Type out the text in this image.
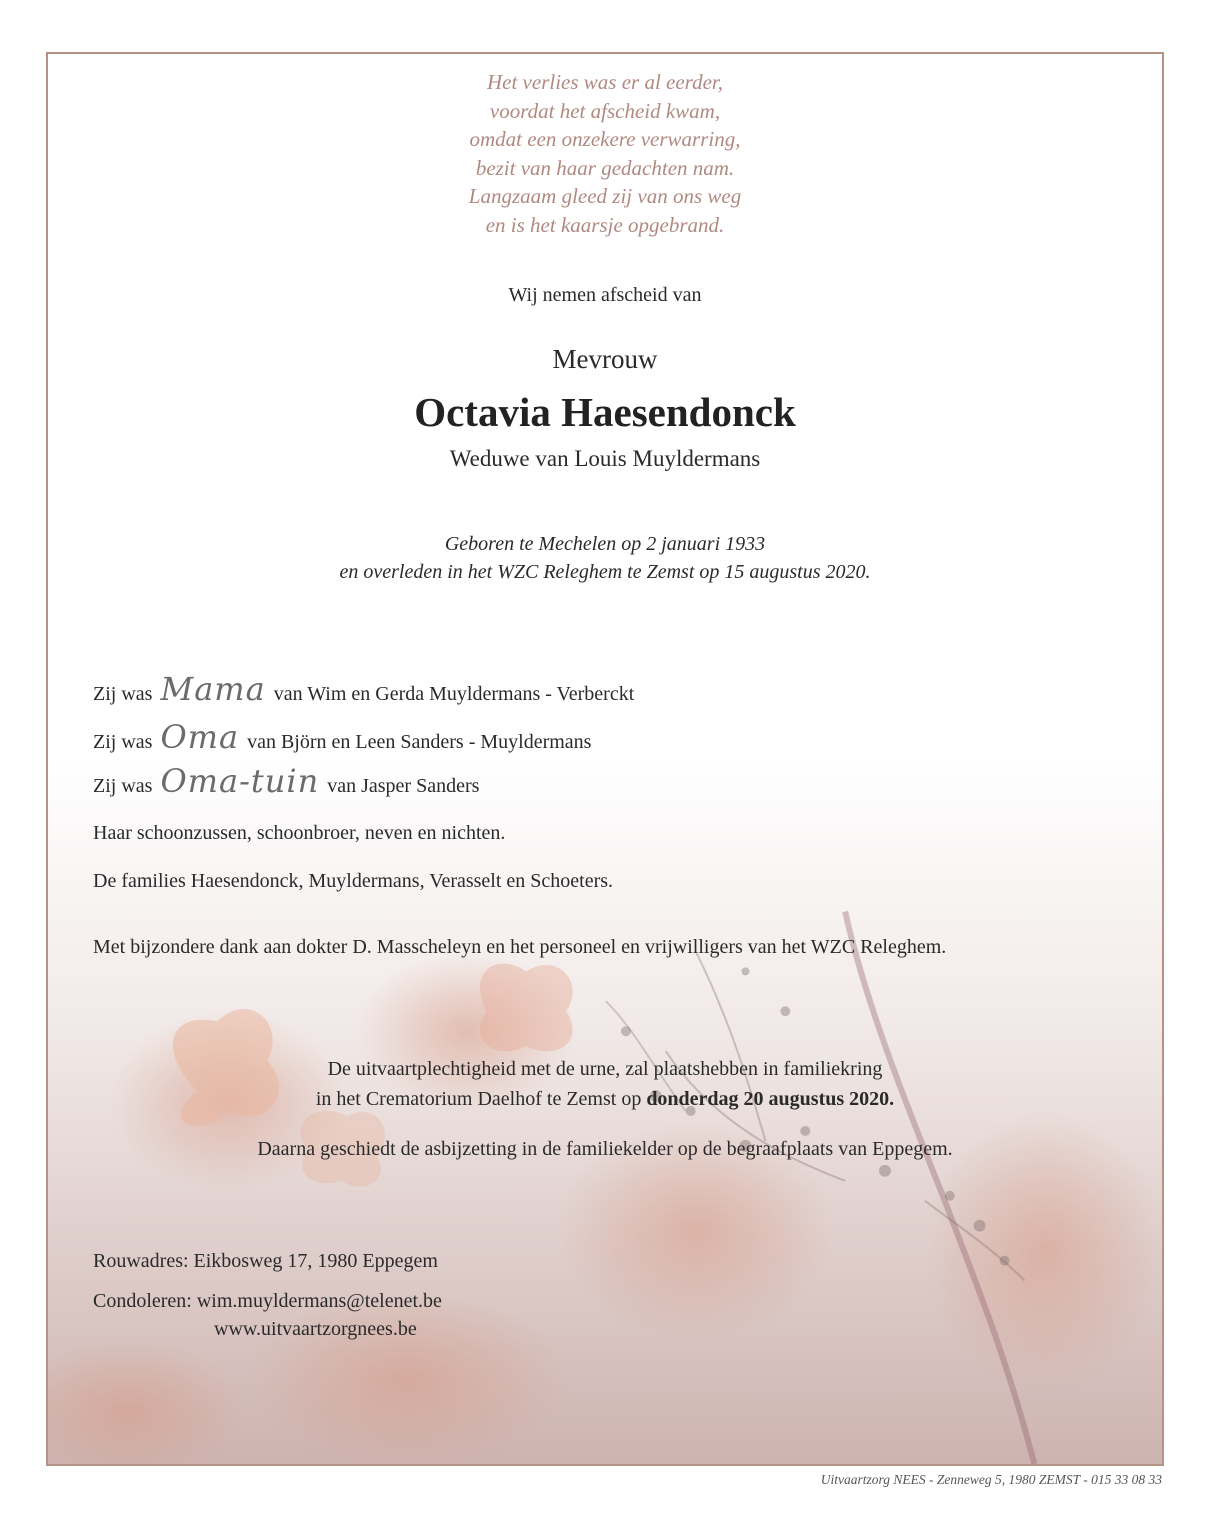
Het verlies was er al eerder,
voordat het afscheid kwam,
omdat een onzekere verwarring,
bezit van haar gedachten nam.
Langzaam gleed zij van ons weg
en is het kaarsje opgebrand.
Wij nemen afscheid van
Mevrouw
Octavia Haesendonck
Weduwe van Louis Muyldermans
Geboren te Mechelen op 2 januari 1933
en overleden in het WZC Releghem te Zemst op 15 augustus 2020.
Zij was Mama van Wim en Gerda Muyldermans - Verberckt
Zij was Oma van Björn en Leen Sanders - Muyldermans
Zij was Oma-tuin van Jasper Sanders
Haar schoonzussen, schoonbroer, neven en nichten.
De families Haesendonck, Muyldermans, Verasselt en Schoeters.
Met bijzondere dank aan dokter D. Masscheleyn en het personeel en vrijwilligers van het WZC Releghem.
De uitvaartplechtigheid met de urne, zal plaatshebben in familiekring
in het Crematorium Daelhof te Zemst op donderdag 20 augustus 2020.
Daarna geschiedt de asbijzetting in de familiekelder op de begraafplaats van Eppegem.
Rouwadres: Eikbosweg 17, 1980 Eppegem
Condoleren: wim.muyldermans@telenet.be
www.uitvaartzorgnees.be
Uitvaartzorg NEES - Zenneweg 5, 1980 ZEMST - 015 33 08 33
